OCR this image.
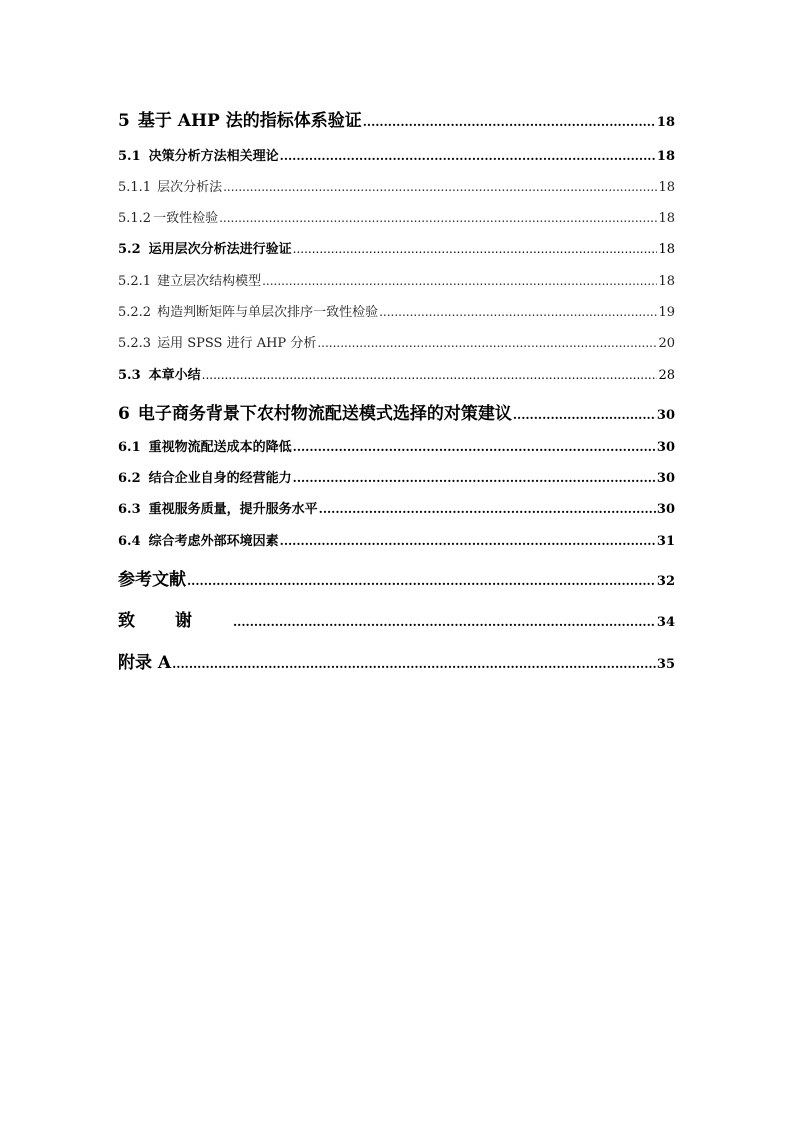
5 基于 AHP 法的指标体系验证 .....	18
5.1 决策分析方法相关理论 .....	18
5.1.1 层次分析法 .....	18
5.1.2 一致性检验 .....	18
5.2 运用层次分析法进行验证 .....	18
5.2.1 建立层次结构模型 .....	18
5.2.2 构造判断矩阵与单层次排序一致性检验 .....	19
5.2.3 运用 SPSS 进行 AHP 分析 .....	20
5.3 本章小结 .....	28
6 电子商务背景下农村物流配送模式选择的对策建议 .....	30
6.1 重视物流配送成本的降低 .....	30
6.2 结合企业自身的经营能力 .....	30
6.3 重视服务质量，提升服务水平 .....	30
6.4 综合考虑外部环境因素 .....	31
参考文献 .....	32
致谢 .....	34
附录 A .....	35
